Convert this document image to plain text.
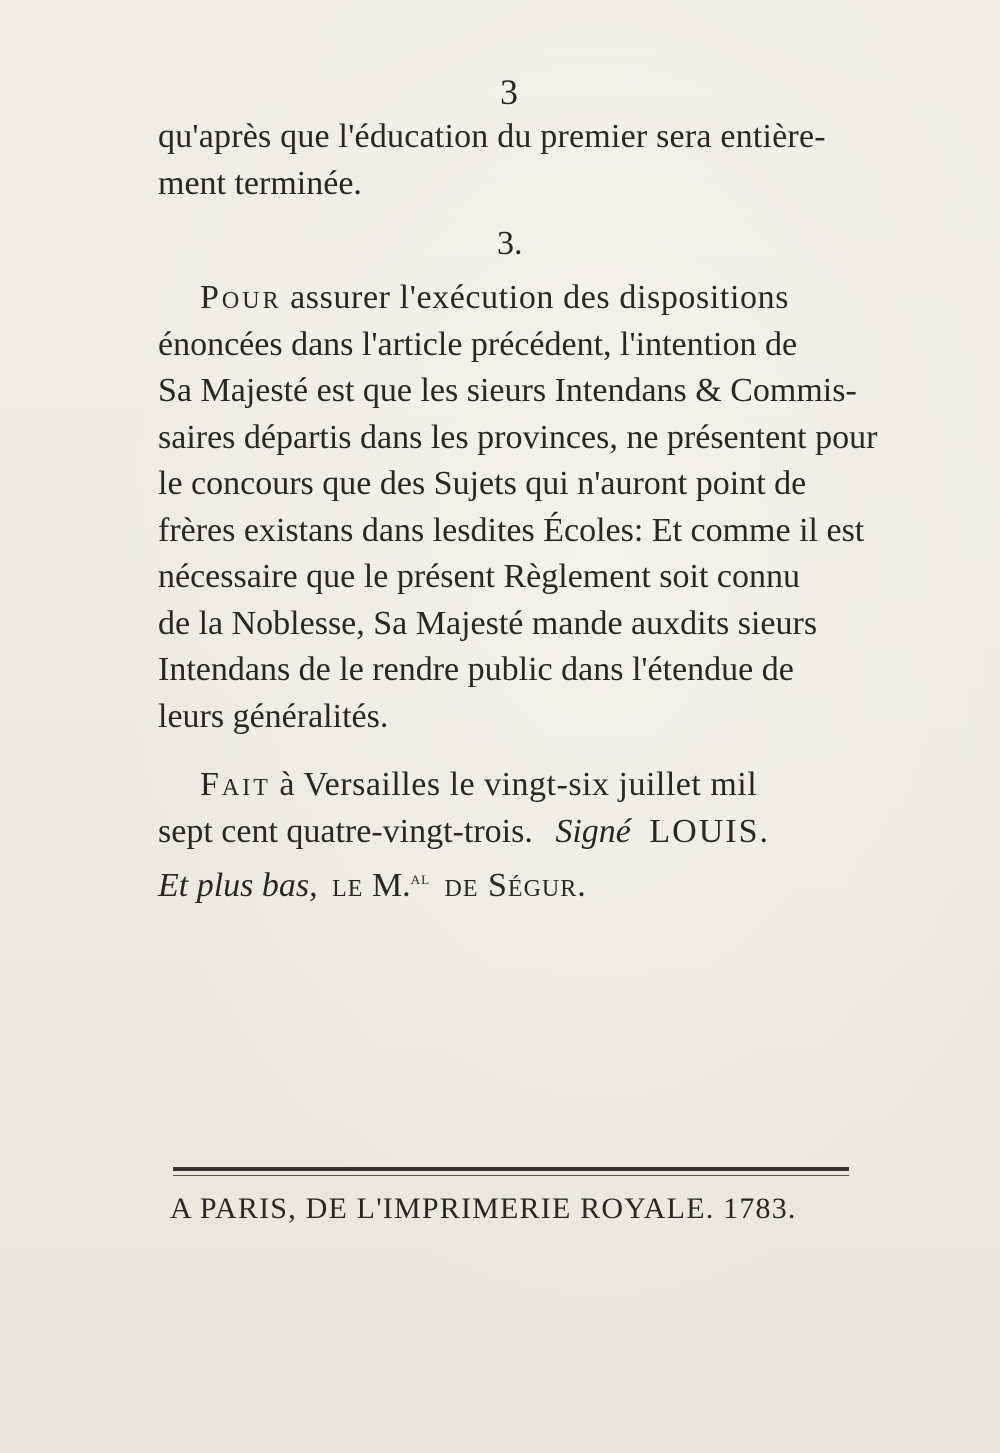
3
qu'après que l'éducation du premier sera entière-
ment terminée.
3.
Pour assurer l'exécution des dispositions
énoncées dans l'article précédent, l'intention de
Sa Majesté est que les sieurs Intendans & Commis-
saires départis dans les provinces, ne présentent pour
le concours que des Sujets qui n'auront point de
frères existans dans lesdites Écoles: Et comme il est
nécessaire que le présent Règlement soit connu
de la Noblesse, Sa Majesté mande auxdits sieurs
Intendans de le rendre public dans l'étendue de
leurs généralités.
Fait à Versailles le vingt-six juillet mil
sept cent quatre-vingt-trois. Signé LOUIS.
Et plus bas, le M.$^{al}$ de Ségur.
A PARIS, DE L'IMPRIMERIE ROYALE. 1783.
